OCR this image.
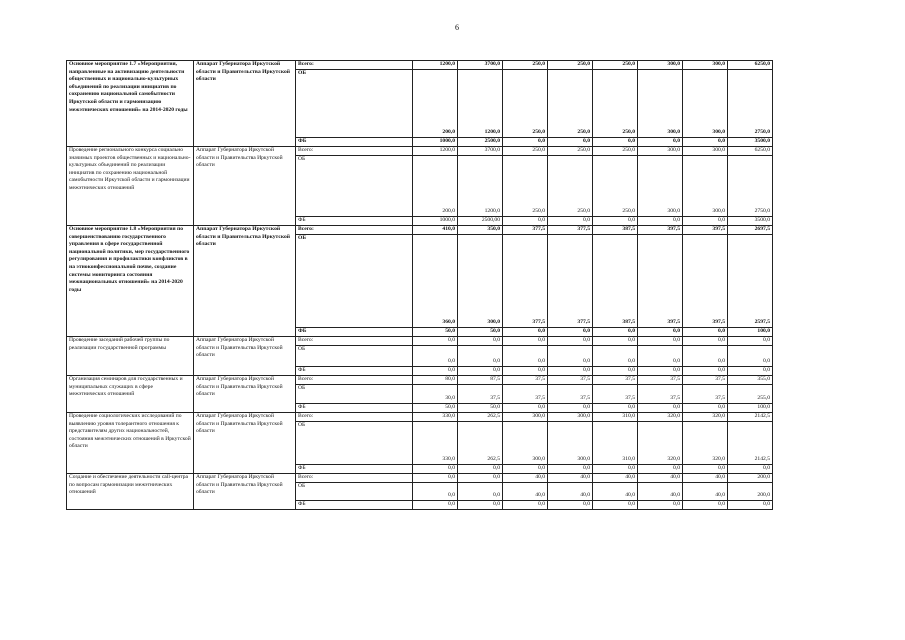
6
Основное мероприятие 1.7 «Мероприятия, направленные на активизацию деятельности общественных и национально-культурных объединений по реализации инициатив по сохранению национальной самобытности Иркутской области и гармонизацию межэтнических отношений» на 2014-2020 годы	Аппарат Губернатора Иркутской области и Правительства Иркутской области	Всего:	1200,0	3700,0	250,0	250,0	250,0	300,0	300,0	6250,0
		ОБ	200,0	1200,0	250,0	250,0	250,0	300,0	300,0	2750,0
		ФБ	1000,0	2500,0	0,0	0,0	0,0	0,0	0,0	3500,0
Проведение регионального конкурса социально значимых проектов общественных и национально-культурных объединений по реализации инициатив по сохранению национальной самобытности Иркутской области и гармонизации межэтнических отношений	Аппарат Губернатора Иркутской области и Правительства Иркутской области	Всего:	1200,0	3700,0	250,0	250,0	250,0	300,0	300,0	6250,0
		ОБ	200,0	1200,0	250,0	250,0	250,0	300,0	300,0	2750,0
		ФБ	1000,0	2500,00	0,0	0,0	0,0	0,0	0,0	3500,0
Основное мероприятие 1.8 «Мероприятия по совершенствованию государственного управления в сфере государственной национальной политики, мер государственного регулирования и профилактики конфликтов в на этноконфессиональной почве, создание системы мониторинга состояния межнациональных отношений» на 2014-2020 годы	Аппарат Губернатора Иркутской области и Правительства Иркутской области	Всего:	410,0	350,0	377,5	377,5	387,5	397,5	397,5	2697,5
		ОБ	360,0	300,0	377,5	377,5	387,5	397,5	397,5	2597,5
		ФБ	50,0	50,0	0,0	0,0	0,0	0,0	0,0	100,0
Проведение заседаний рабочей группы по реализации государственной программы	Аппарат Губернатора Иркутской области и Правительства Иркутской области	Всего:	0,0	0,0	0,0	0,0	0,0	0,0	0,0	0,0
		ОБ	0,0	0,0	0,0	0,0	0,0	0,0	0,0	0,0
		ФБ	0,0	0,0	0,0	0,0	0,0	0,0	0,0	0,0
Организация семинаров для государственных и муниципальных служащих в сфере межэтнических отношений	Аппарат Губернатора Иркутской области и Правительства Иркутской области	Всего:	80,0	87,5	37,5	37,5	37,5	37,5	37,5	355,0
		ОБ	30,0	37,5	37,5	37,5	37,5	37,5	37,5	255,0
		ФБ	50,0	50,0	0,0	0,0	0,0	0,0	0,0	100,0
Проведение социологических исследований по выявлению уровня толерантного отношения к представителям других национальностей, состояния межэтнических отношений в Иркутской области	Аппарат Губернатора Иркутской области и Правительства Иркутской области	Всего:	330,0	262,5	300,0	300,0	310,0	320,0	320,0	2142,5
		ОБ	330,0	262,5	300,0	300,0	310,0	320,0	320,0	2142,5
		ФБ	0,0	0,0	0,0	0,0	0,0	0,0	0,0	0,0
Создание и обеспечение деятельности call-центра по вопросам гармонизации межэтнических отношений	Аппарат Губернатора Иркутской области и Правительства Иркутской области	Всего:	0,0	0,0	40,0	40,0	40,0	40,0	40,0	200,0
		ОБ	0,0	0,0	40,0	40,0	40,0	40,0	40,0	200,0
		ФБ	0,0	0,0	0,0	0,0	0,0	0,0	0,0	0,0
